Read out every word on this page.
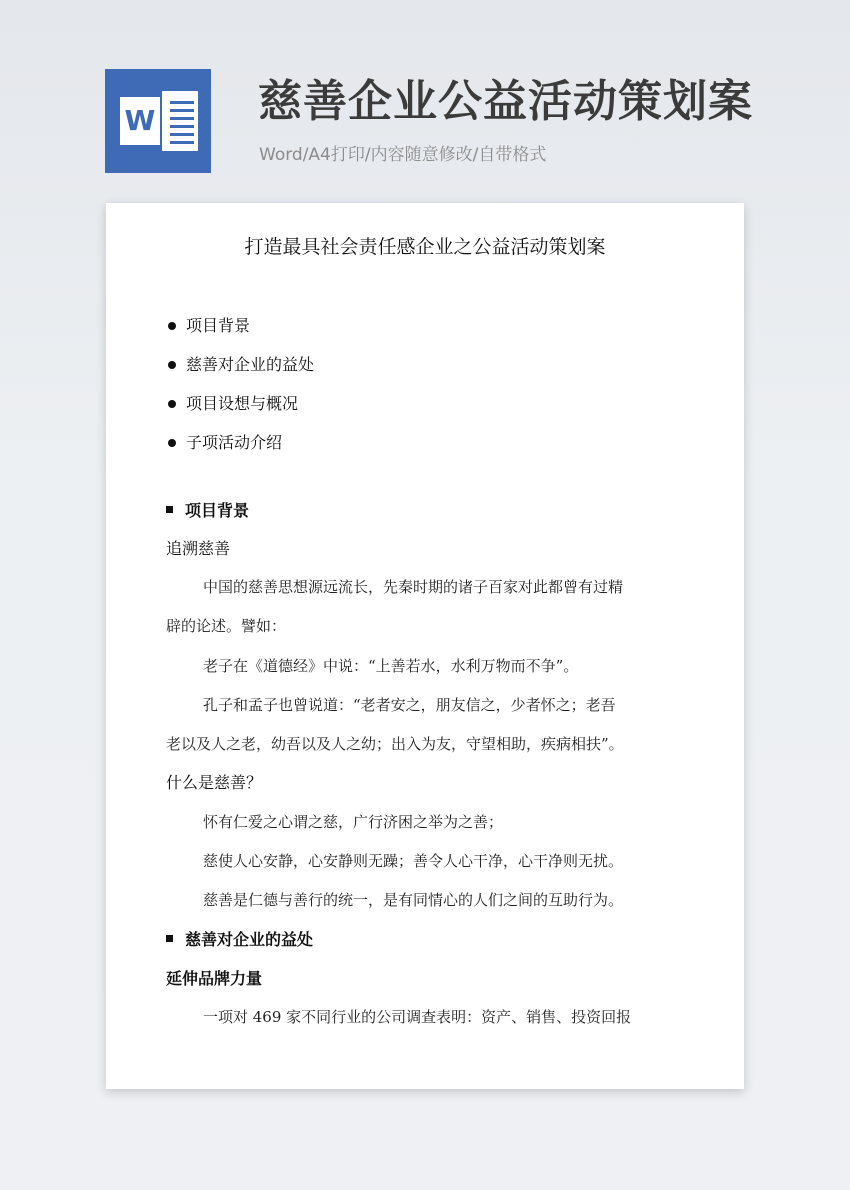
W 慈善企业公益活动策划案
Word/A4打印/内容随意修改/自带格式
打造最具社会责任感企业之公益活动策划案
项目背景
慈善对企业的益处
项目设想与概况
子项活动介绍
项目背景
追溯慈善
中国的慈善思想源远流长，先秦时期的诸子百家对此都曾有过精
辟的论述。譬如：
老子在《道德经》中说：“上善若水，水利万物而不争”。
孔子和孟子也曾说道：“老者安之，朋友信之，少者怀之；老吾
老以及人之老，幼吾以及人之幼；出入为友，守望相助，疾病相扶”。
什么是慈善？
怀有仁爱之心谓之慈，广行济困之举为之善；
慈使人心安静，心安静则无躁；善令人心干净，心干净则无扰。
慈善是仁德与善行的统一，是有同情心的人们之间的互助行为。
慈善对企业的益处
延伸品牌力量
一项对 469 家不同行业的公司调查表明：资产、销售、投资回报
